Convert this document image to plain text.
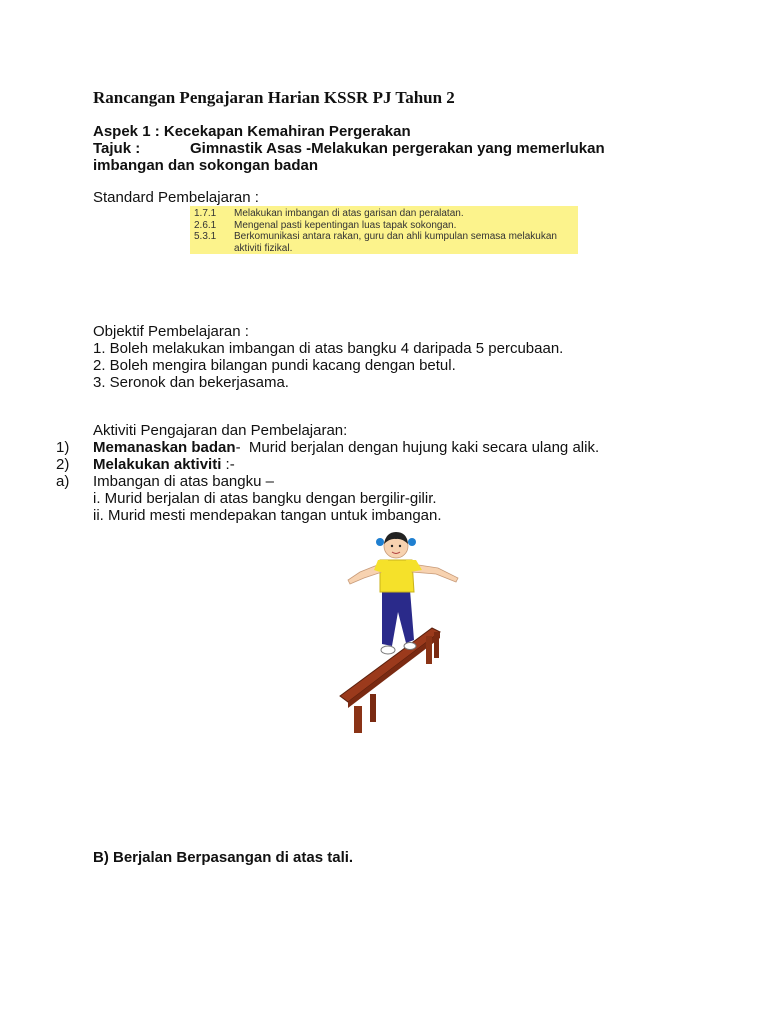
Rancangan Pengajaran Harian KSSR PJ Tahun 2
Aspek 1 : Kecekapan Kemahiran Pergerakan
Tajuk :	Gimnastik Asas -Melakukan pergerakan yang memerlukan
imbangan dan sokongan badan
Standard Pembelajaran :
1.7.1	Melakukan imbangan di atas garisan dan peralatan.
2.6.1	Mengenal pasti kepentingan luas tapak sokongan.
5.3.1	Berkomunikasi antara rakan, guru dan ahli kumpulan semasa melakukan
aktiviti fizikal.
Objektif Pembelajaran :
1. Boleh melakukan imbangan di atas bangku 4 daripada 5 percubaan.
2. Boleh mengira bilangan pundi kacang dengan betul.
3. Seronok dan bekerjasama.
Aktiviti Pengajaran dan Pembelajaran:
1)	Memanaskan badan -  Murid berjalan dengan hujung kaki secara ulang alik.
2)	Melakukan aktiviti :-
a)	Imbangan di atas bangku –
i. Murid berjalan di atas bangku dengan bergilir-gilir.
ii. Murid mesti mendepakan tangan untuk imbangan.
B) Berjalan Berpasangan di atas tali.
